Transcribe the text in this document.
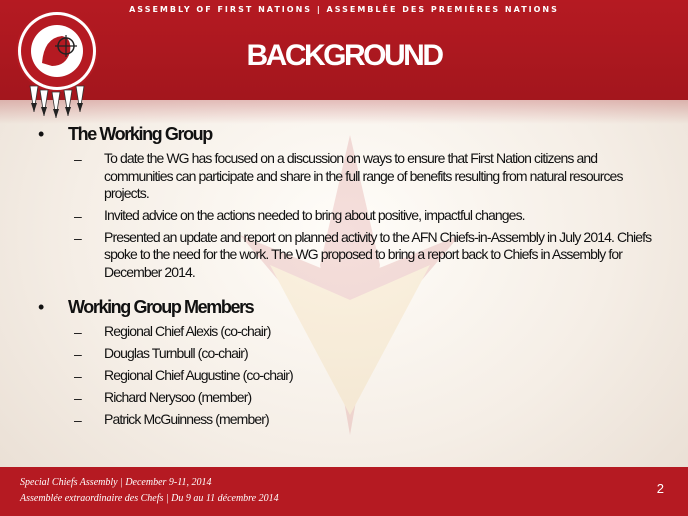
ASSEMBLY OF FIRST NATIONS | ASSEMBLÉE DES PREMIÈRES NATIONS
BACKGROUND
•	The Working Group
–	To date the WG has focused on a discussion on ways to ensure that First Nation citizens and communities can participate and share in the full range of benefits resulting from natural resources projects.
–	Invited advice on the actions needed to bring about positive, impactful changes.
–	Presented an update and report on planned activity to the AFN Chiefs-in-Assembly in July 2014. Chiefs spoke to the need for the work. The WG proposed to bring a report back to Chiefs in Assembly for December 2014.
•	Working Group Members
–	Regional Chief Alexis (co-chair)
–	Douglas Turnbull (co-chair)
–	Regional Chief Augustine (co-chair)
–	Richard Nerysoo (member)
–	Patrick McGuinness (member)
Special Chiefs Assembly | December 9-11, 2014
Assemblée extraordinaire des Chefs | Du 9 au 11 décembre 2014
2
